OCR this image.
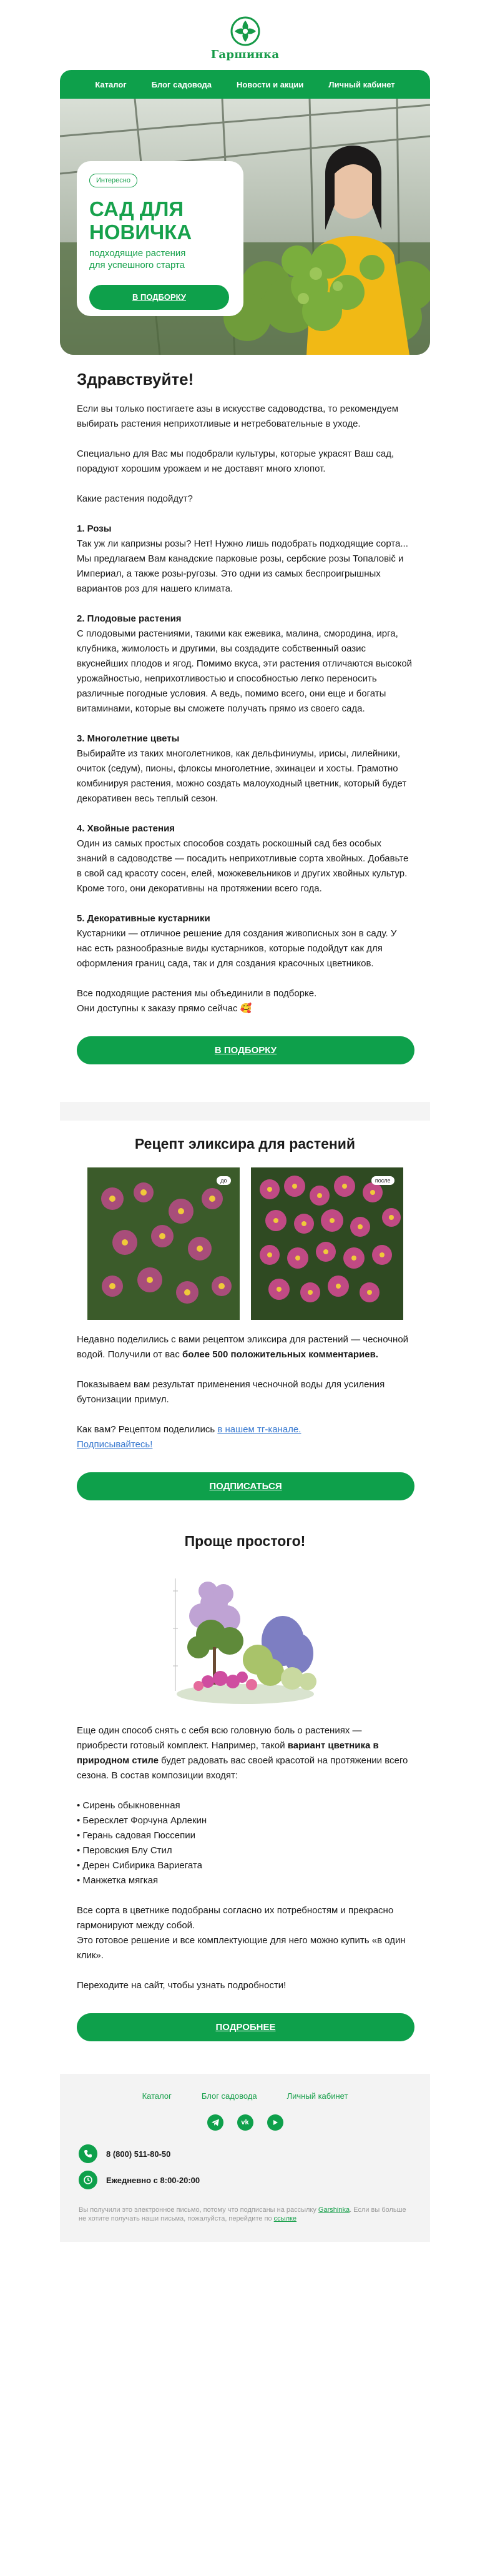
Гаршинка
Каталог	Блог садовода	Новости и акции	Личный кабинет
Интересно
САД ДЛЯ
НОВИЧКА
подходящие растения
для успешного старта
В ПОДБОРКУ
Здравствуйте!

Если вы только постигаете азы в искусстве садоводства, то рекомендуем выбирать растения неприхотливые и нетребовательные в уходе.

Специально для Вас мы подобрали культуры, которые украсят Ваш сад, порадуют хорошим урожаем и не доставят много хлопот.

Какие растения подойдут?

1. Розы

Так уж ли капризны розы? Нет! Нужно лишь подобрать подходящие сорта... Мы предлагаем Вам канадские парковые розы, сербские розы Топаловič и Империал, а также розы-ругозы. Это одни из самых беспроигрышных вариантов роз для нашего климата.

2. Плодовые растения

С плодовыми растениями, такими как ежевика, малина, смородина, ирга, клубника, жимолость и другими, вы создадите собственный оазис вкуснейших плодов и ягод. Помимо вкуса, эти растения отличаются высокой урожайностью, неприхотливостью и способностью легко переносить различные погодные условия. А ведь, помимо всего, они еще и богаты витаминами, которые вы сможете получать прямо из своего сада.

3. Многолетние цветы

Выбирайте из таких многолетников, как дельфиниумы, ирисы, лилейники, очиток (седум), пионы, флоксы многолетние, эхинацеи и хосты. Грамотно комбинируя растения, можно создать малоуходный цветник, который будет декоративен весь теплый сезон.

4. Хвойные растения

Один из самых простых способов создать роскошный сад без особых знаний в садоводстве — посадить неприхотливые сорта хвойных. Добавьте в свой сад красоту сосен, елей, можжевельников и других хвойных культур. Кроме того, они декоративны на протяжении всего года.

5. Декоративные кустарники

Кустарники — отличное решение для создания живописных зон в саду. У нас есть разнообразные виды кустарников, которые подойдут как для оформления границ сада, так и для создания красочных цветников.

Все подходящие растения мы объединили в подборке.

Они доступны к заказу прямо сейчас 🥰

В ПОДБОРКУ
Рецепт эликсира для растений
до	после

Недавно поделились с вами рецептом эликсира для растений — чесночной водой. Получили от вас более 500 положительных комментариев.

Показываем вам результат применения чесночной воды для усиления бутонизации примул.

Как вам? Рецептом поделились в нашем тг-канале.

Подписывайтесь!

ПОДПИСАТЬСЯ
Проще простого!

Еще один способ снять с себя всю головную боль о растениях — приобрести готовый комплект. Например, такой вариант цветника в природном стиле будет радовать вас своей красотой на протяжении всего сезона. В состав композиции входят:

• Сирень обыкновенная

• Бересклет Форчуна Арлекин

• Герань садовая Гюссепии

• Перовския Блу Стил

• Дерен Сибирика Вариегата

• Манжетка мягкая

Все сорта в цветнике подобраны согласно их потребностям и прекрасно гармонируют между собой.

Это готовое решение и все комплектующие для него можно купить «в один клик».

Переходите на сайт, чтобы узнать подробности!

ПОДРОБНЕЕ
Каталог	Блог садовода	Личный кабинет
vk
8 (800) 511-80-50
Ежедневно с 8:00-20:00
Вы получили это электронное письмо, потому что подписаны на рассылку Garshinka. Если вы больше не хотите получать наши письма, пожалуйста, перейдите по ссылке
